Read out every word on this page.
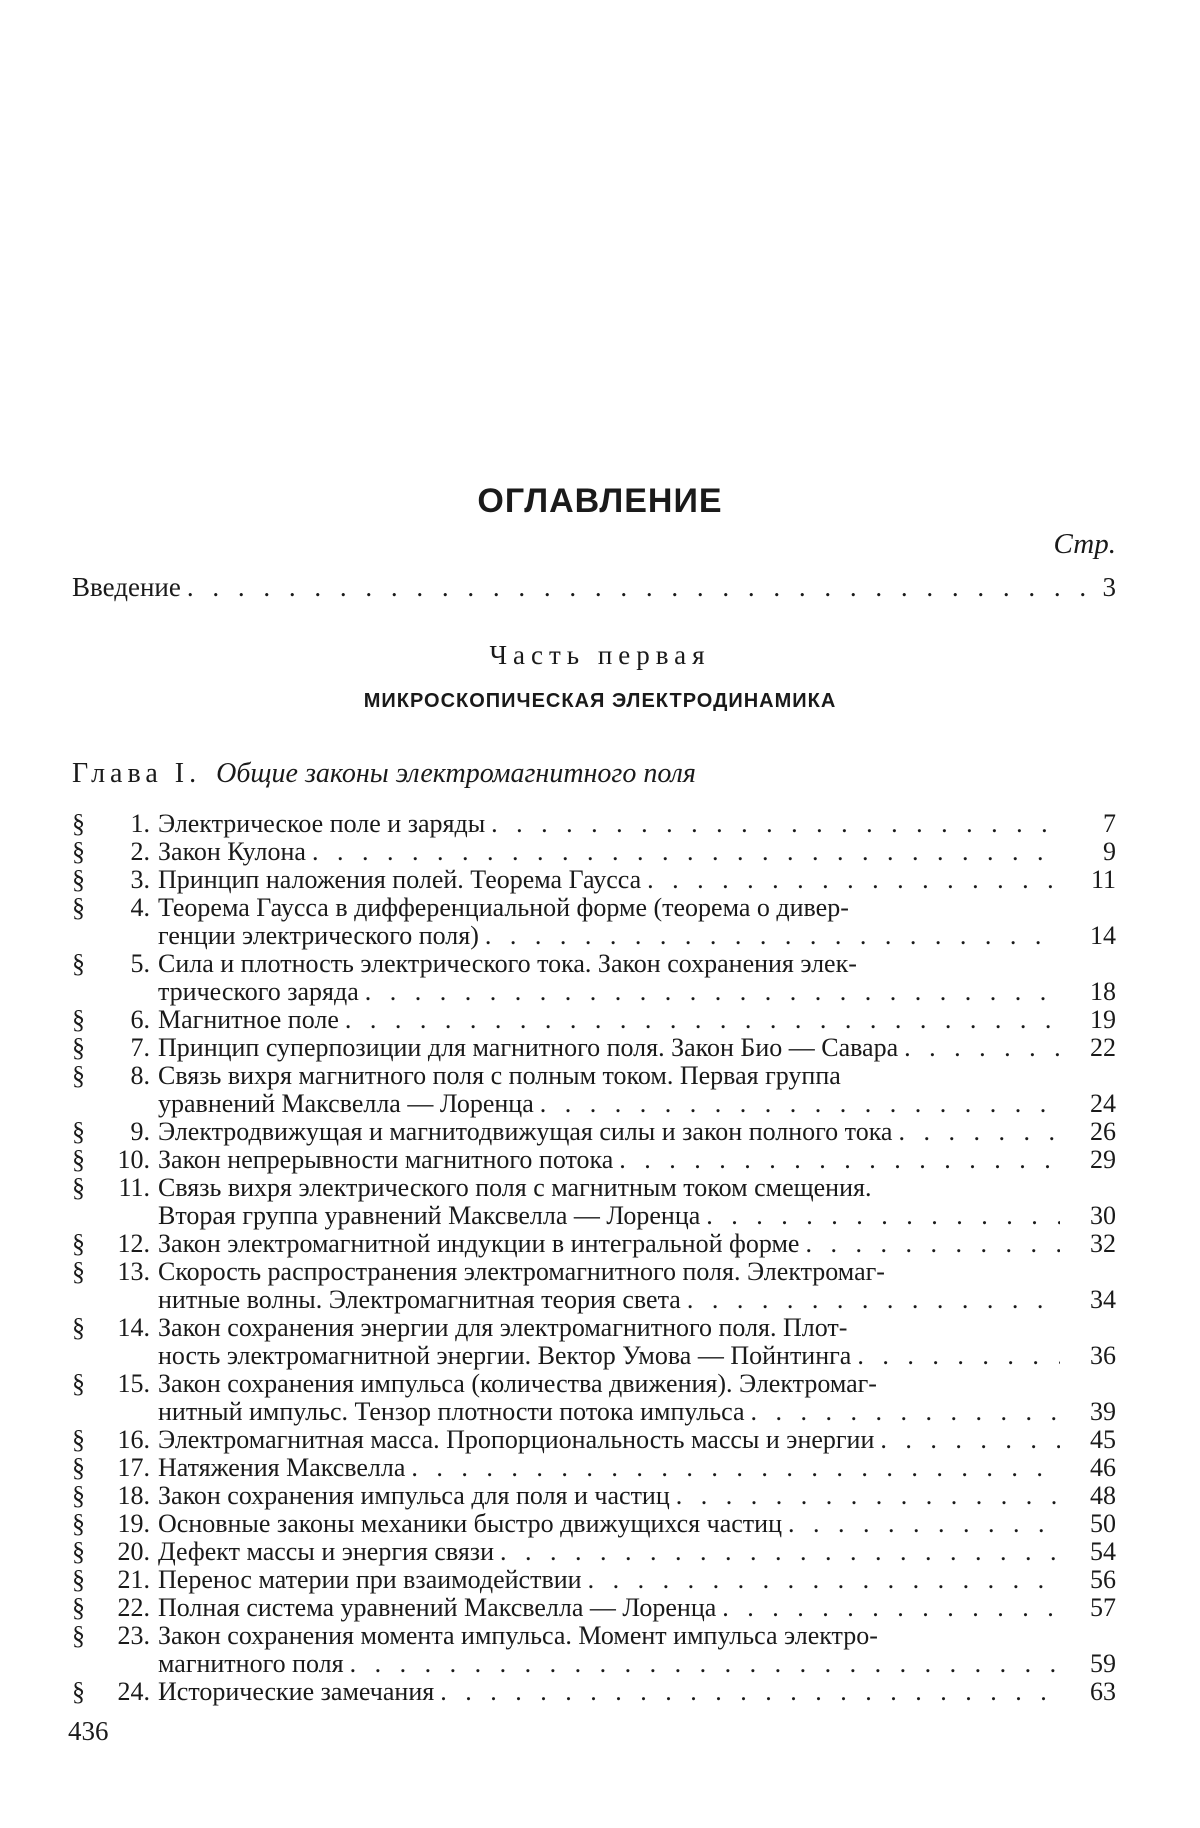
ОГЛАВЛЕНИЕ
Стр.
Введение
. . .	3
Часть первая
МИКРОСКОПИЧЕСКАЯ ЭЛЕКТРОДИНАМИКА
Глава I. Общие законы электромагнитного поля
§	1. Электрическое поле и заряды
. . .	7
§	2. Закон Кулона
. . .	9
§	3. Принцип наложения полей. Теорема Гаусса
. . .	11
§	4. Теорема Гаусса в дифференциальной форме (теорема о дивер-
генции электрического поля)
. . .	14
§	5. Сила и плотность электрического тока. Закон сохранения элек-
трического заряда
. . .	18
§	6. Магнитное поле
. . .	19
§	7. Принцип суперпозиции для магнитного поля. Закон Био — Савара
. . .	22
§	8. Связь вихря магнитного поля с полным током. Первая группа
уравнений Максвелла — Лоренца
. . .	24
§	9. Электродвижущая и магнитодвижущая силы и закон полного тока
. . .	26
§	10. Закон непрерывности магнитного потока
. . .	29
§	11. Связь вихря электрического поля с магнитным током смещения.
Вторая группа уравнений Максвелла — Лоренца
. . .	30
§	12. Закон электромагнитной индукции в интегральной форме
. . .	32
§	13. Скорость распространения электромагнитного поля. Электромаг-
нитные волны. Электромагнитная теория света
. . .	34
§	14. Закон сохранения энергии для электромагнитного поля. Плот-
ность электромагнитной энергии. Вектор Умова — Пойнтинга
. . .	36
§	15. Закон сохранения импульса (количества движения). Электромаг-
нитный импульс. Тензор плотности потока импульса
. . .	39
§	16. Электромагнитная масса. Пропорциональность массы и энергии
. . .	45
§	17. Натяжения Максвелла
. . .	46
§	18. Закон сохранения импульса для поля и частиц
. . .	48
§	19. Основные законы механики быстро движущихся частиц
. . .	50
§	20. Дефект массы и энергия связи
. . .	54
§	21. Перенос материи при взаимодействии
. . .	56
§	22. Полная система уравнений Максвелла — Лоренца
. . .	57
§	23. Закон сохранения момента импульса. Момент импульса электро-
магнитного поля
. . .	59
§	24. Исторические замечания
. . .	63
436
